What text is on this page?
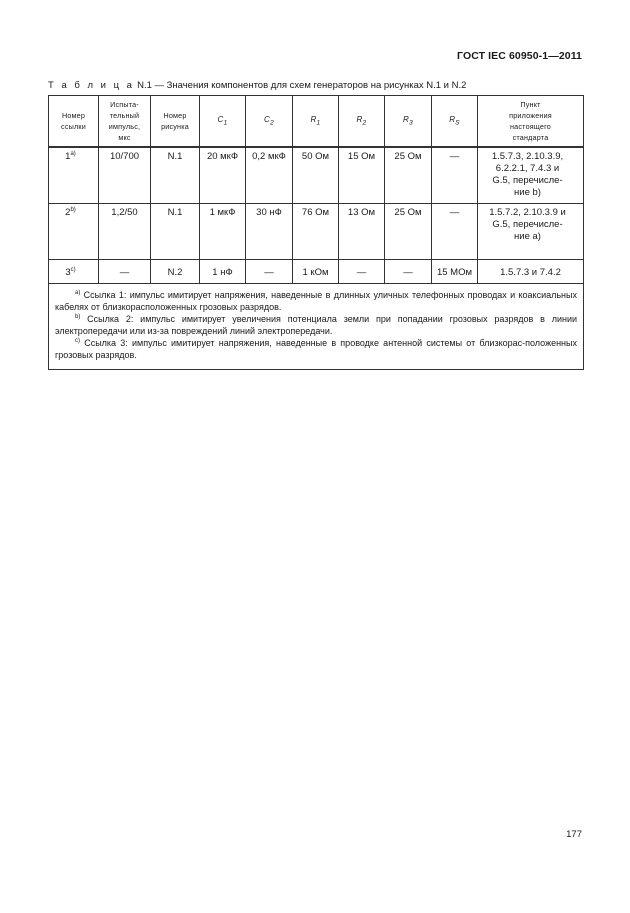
ГОСТ IEC 60950-1—2011
Т а б л и ц а N.1 — Значения компонентов для схем генераторов на рисунках N.1 и N.2
Номер
ссылки	Испыта-
тельный
импульс,
мкс	Номер
рисунка	$C_1$	$C_2$	$R_1$	$R_2$	$R_3$	$R_S$	Пункт
приложения
настоящего
стандарта
$1^{а)}$	10/700	N.1	20 мкФ	0,2 мкФ	50 Ом	15 Ом	25 Ом	—	1.5.7.3, 2.10.3.9,
6.2.2.1, 7.4.3 и
G.5, перечисле-
ние b)
2$^{b)}$	1,2/50	N.1	1 мкФ	30 нФ	76 Ом	13 Ом	25 Ом	—	1.5.7.2, 2.10.3.9 и
G.5, перечисле-
ние а)
$3^{с)}$	—	N.2	1 нФ	—	1 кОм	—	—	15 МОм	1.5.7.3 и 7.4.2

$^{а)}$ Ссылка 1: импульс имитирует напряжения, наведенные в длинных уличных телефонных проводах и коаксиальных кабелях от близкорасположенных грозовых разрядов.

$^{b)}$ Ссылка 2: импульс имитирует увеличения потенциала земли при попадании грозовых разрядов в линии электропередачи или из-за повреждений линий электропередачи.

$^{с)}$ Ссылка 3: импульс имитирует напряжения, наведенные в проводке антенной системы от близкорас-положенных грозовых разрядов.									

177
